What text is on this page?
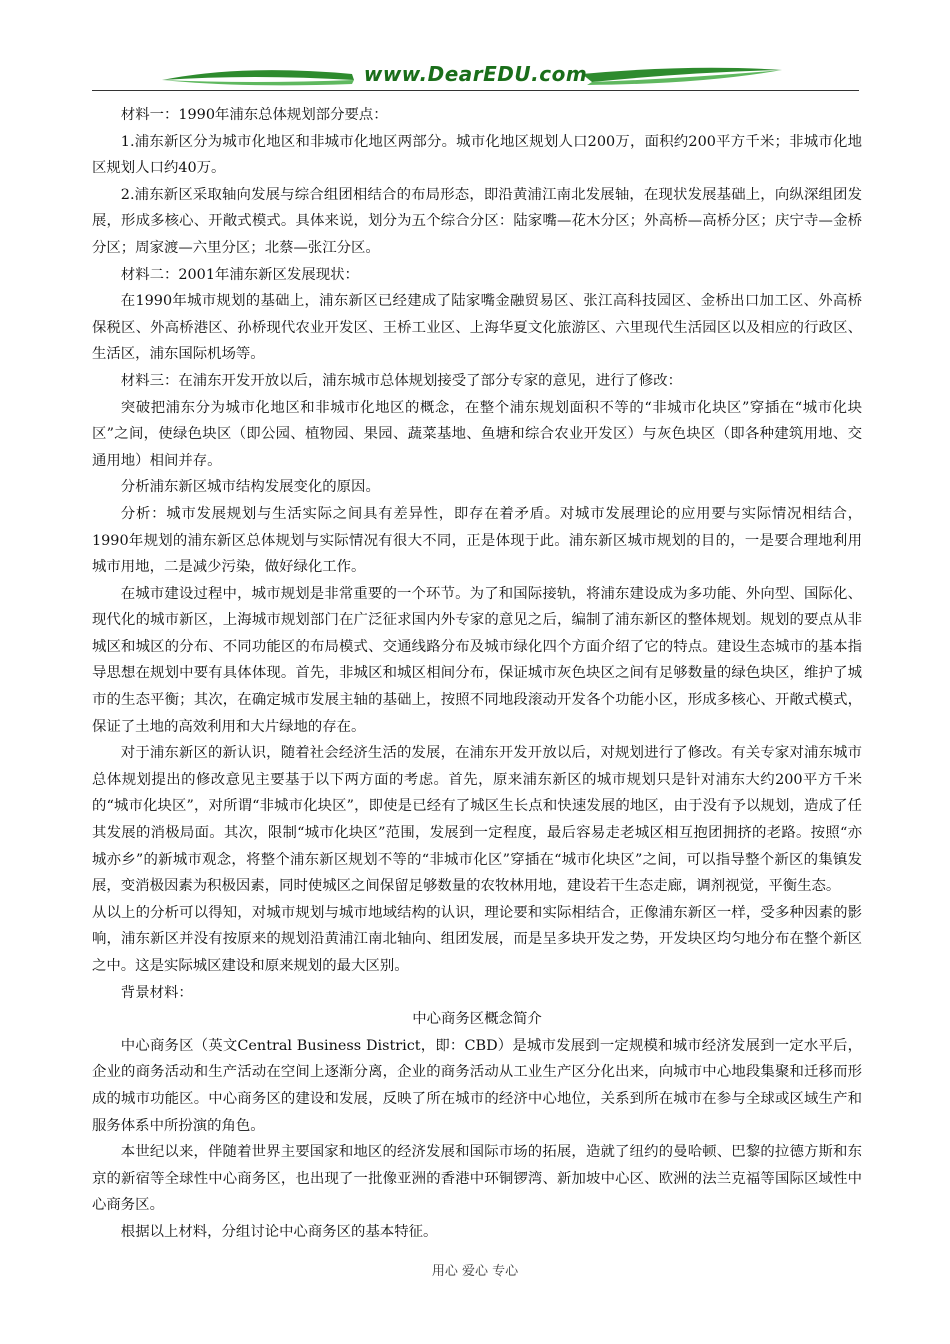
www.DearEDU.com

材料一：1990年浦东总体规划部分要点：

1.浦东新区分为城市化地区和非城市化地区两部分。城市化地区规划人口200万，面积约200平方千米；非城市化地区规划人口约40万。

2.浦东新区采取轴向发展与综合组团相结合的布局形态，即沿黄浦江南北发展轴，在现状发展基础上，向纵深组团发展，形成多核心、开敞式模式。具体来说，划分为五个综合分区：陆家嘴—花木分区；外高桥—高桥分区；庆宁寺—金桥分区；周家渡—六里分区；北蔡—张江分区。

材料二：2001年浦东新区发展现状：

在1990年城市规划的基础上，浦东新区已经建成了陆家嘴金融贸易区、张江高科技园区、金桥出口加工区、外高桥保税区、外高桥港区、孙桥现代农业开发区、王桥工业区、上海华夏文化旅游区、六里现代生活园区以及相应的行政区、生活区，浦东国际机场等。

材料三：在浦东开发开放以后，浦东城市总体规划接受了部分专家的意见，进行了修改：

突破把浦东分为城市化地区和非城市化地区的概念，在整个浦东规划面积不等的“非城市化块区”穿插在“城市化块区”之间，使绿色块区（即公园、植物园、果园、蔬菜基地、鱼塘和综合农业开发区）与灰色块区（即各种建筑用地、交通用地）相间并存。

分析浦东新区城市结构发展变化的原因。

分析：城市发展规划与生活实际之间具有差异性，即存在着矛盾。对城市发展理论的应用要与实际情况相结合，1990年规划的浦东新区总体规划与实际情况有很大不同，正是体现于此。浦东新区城市规划的目的，一是要合理地利用城市用地，二是减少污染，做好绿化工作。

在城市建设过程中，城市规划是非常重要的一个环节。为了和国际接轨，将浦东建设成为多功能、外向型、国际化、现代化的城市新区，上海城市规划部门在广泛征求国内外专家的意见之后，编制了浦东新区的整体规划。规划的要点从非城区和城区的分布、不同功能区的布局模式、交通线路分布及城市绿化四个方面介绍了它的特点。建设生态城市的基本指导思想在规划中要有具体体现。首先，非城区和城区相间分布，保证城市灰色块区之间有足够数量的绿色块区，维护了城市的生态平衡；其次，在确定城市发展主轴的基础上，按照不同地段滚动开发各个功能小区，形成多核心、开敞式模式，保证了土地的高效利用和大片绿地的存在。

对于浦东新区的新认识，随着社会经济生活的发展，在浦东开发开放以后，对规划进行了修改。有关专家对浦东城市总体规划提出的修改意见主要基于以下两方面的考虑。首先，原来浦东新区的城市规划只是针对浦东大约200平方千米的“城市化块区”，对所谓“非城市化块区”，即使是已经有了城区生长点和快速发展的地区，由于没有予以规划，造成了任其发展的消极局面。其次，限制“城市化块区”范围，发展到一定程度，最后容易走老城区相互抱团拥挤的老路。按照“亦城亦乡”的新城市观念，将整个浦东新区规划不等的“非城市化区”穿插在“城市化块区”之间，可以指导整个新区的集镇发展，变消极因素为积极因素，同时使城区之间保留足够数量的农牧林用地，建设若干生态走廊，调剂视觉，平衡生态。

从以上的分析可以得知，对城市规划与城市地域结构的认识，理论要和实际相结合，正像浦东新区一样，受多种因素的影响，浦东新区并没有按原来的规划沿黄浦江南北轴向、组团发展，而是呈多块开发之势，开发块区均匀地分布在整个新区之中。这是实际城区建设和原来规划的最大区别。

背景材料：

中心商务区概念简介

中心商务区（英文Central Business District，即：CBD）是城市发展到一定规模和城市经济发展到一定水平后，企业的商务活动和生产活动在空间上逐渐分离，企业的商务活动从工业生产区分化出来，向城市中心地段集聚和迁移而形成的城市功能区。中心商务区的建设和发展，反映了所在城市的经济中心地位，关系到所在城市在参与全球或区域生产和服务体系中所扮演的角色。

本世纪以来，伴随着世界主要国家和地区的经济发展和国际市场的拓展，造就了纽约的曼哈顿、巴黎的拉德方斯和东京的新宿等全球性中心商务区，也出现了一批像亚洲的香港中环铜锣湾、新加坡中心区、欧洲的法兰克福等国际区域性中心商务区。

根据以上材料，分组讨论中心商务区的基本特征。

用心 爱心 专心
